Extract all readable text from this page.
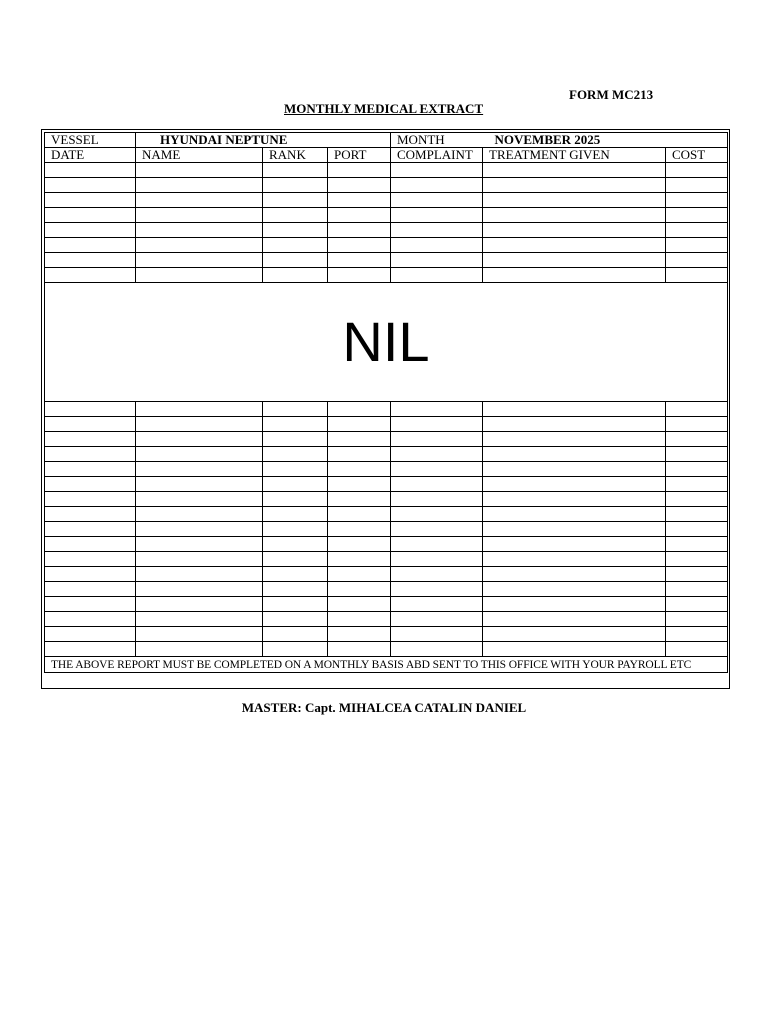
FORM MC213
MONTHLY MEDICAL EXTRACT
VESSEL	HYUNDAI NEPTUNE			MONTH	NOVEMBER 2025	
DATE	NAME	RANK	PORT	COMPLAINT	TREATMENT GIVEN	COST

NIL						

THE ABOVE REPORT MUST BE COMPLETED ON A MONTHLY BASIS ABD SENT TO THIS OFFICE WITH YOUR PAYROLL ETC						
MASTER: Capt. MIHALCEA CATALIN DANIEL
